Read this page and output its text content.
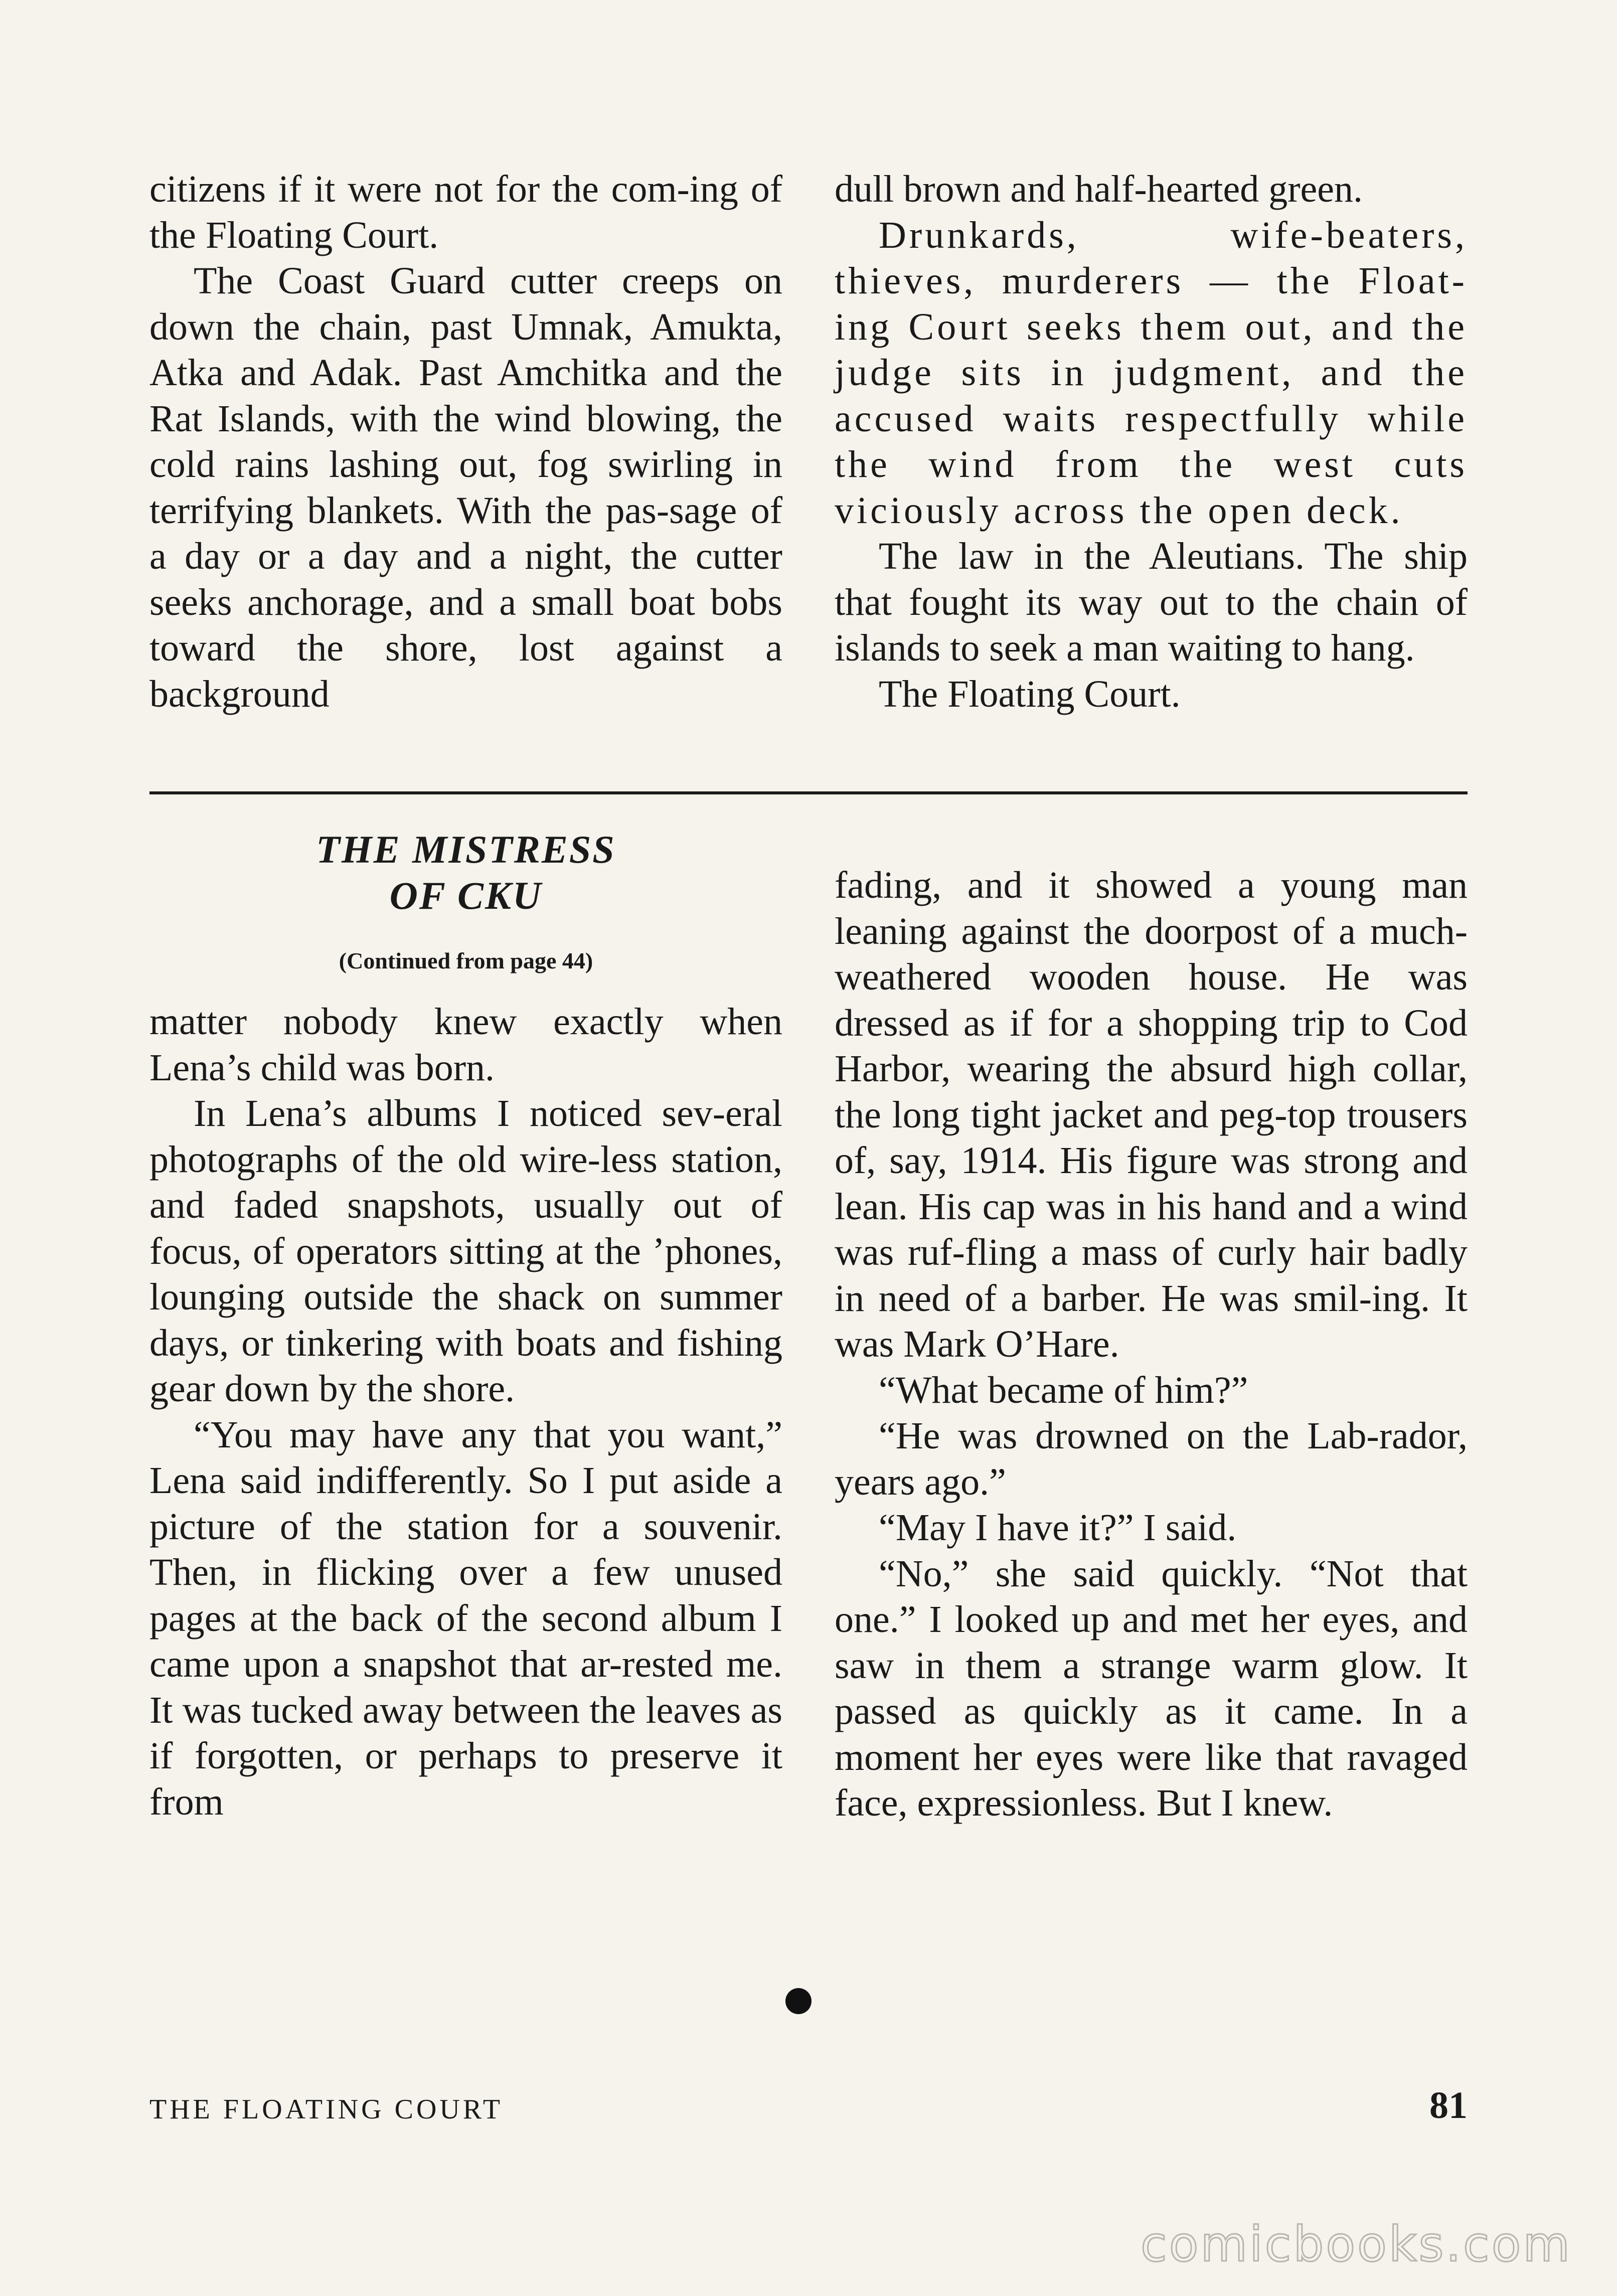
citizens if it were not for the com-ing of the Floating Court.

The Coast Guard cutter creeps on down the chain, past Umnak, Amukta, Atka and Adak. Past Amchitka and the Rat Islands, with the wind blowing, the cold rains lashing out, fog swirling in terrifying blankets. With the pas-sage of a day or a day and a night, the cutter seeks anchorage, and a small boat bobs toward the shore, lost against a background

dull brown and half-hearted green.

Drunkards, wife-beaters, thieves, murderers — the Float-ing Court seeks them out, and the judge sits in judgment, and the accused waits respectfully while the wind from the west cuts viciously across the open deck.

The law in the Aleutians. The ship that fought its way out to the chain of islands to seek a man waiting to hang.

The Floating Court.

THE MISTRESS
OF CKU

(Continued from page 44)

matter nobody knew exactly when Lena’s child was born.

In Lena’s albums I noticed sev-eral photographs of the old wire-less station, and faded snapshots, usually out of focus, of operators sitting at the ’phones, lounging outside the shack on summer days, or tinkering with boats and fishing gear down by the shore.

“You may have any that you want,” Lena said indifferently. So I put aside a picture of the station for a souvenir. Then, in flicking over a few unused pages at the back of the second album I came upon a snapshot that ar-rested me. It was tucked away between the leaves as if forgotten, or perhaps to preserve it from

fading, and it showed a young man leaning against the doorpost of a much-weathered wooden house. He was dressed as if for a shopping trip to Cod Harbor, wearing the absurd high collar, the long tight jacket and peg-top trousers of, say, 1914. His figure was strong and lean. His cap was in his hand and a wind was ruf-fling a mass of curly hair badly in need of a barber. He was smil-ing. It was Mark O’Hare.

“What became of him?”

“He was drowned on the Lab-rador, years ago.”

“May I have it?” I said.

“No,” she said quickly. “Not that one.” I looked up and met her eyes, and saw in them a strange warm glow. It passed as quickly as it came. In a moment her eyes were like that ravaged face, expressionless. But I knew.

THE FLOATING COURT	81

comicbooks.com
